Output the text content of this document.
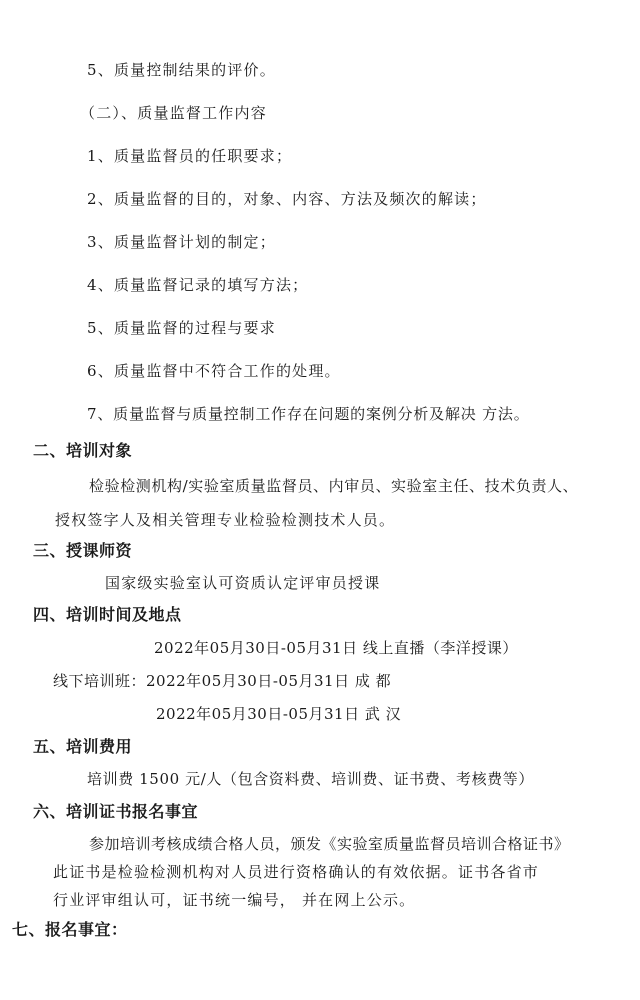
5、质量控制结果的评价。
（二）、质量监督工作内容
1、质量监督员的任职要求；
2、质量监督的目的，对象、内容、方法及频次的解读；
3、质量监督计划的制定；
4、质量监督记录的填写方法；
5、质量监督的过程与要求
6、质量监督中不符合工作的处理。
7、质量监督与质量控制工作存在问题的案例分析及解决 方法。
二、培训对象
检验检测机构/实验室质量监督员、内审员、实验室主任、技术负责人、
授权签字人及相关管理专业检验检测技术人员。
三、授课师资
国家级实验室认可资质认定评审员授课
四、培训时间及地点
2022年05月30日-05月31日 线上直播（李洋授课）
线下培训班：2022年05月30日-05月31日 成 都
2022年05月30日-05月31日 武 汉
五、培训费用
培训费 1500 元/人（包含资料费、培训费、证书费、考核费等）
六、培训证书报名事宜
参加培训考核成绩合格人员，颁发《实验室质量监督员培训合格证书》
此证书是检验检测机构对人员进行资格确认的有效依据。证书各省市
行业评审组认可，证书统一编号， 并在网上公示。
七、报名事宜：
